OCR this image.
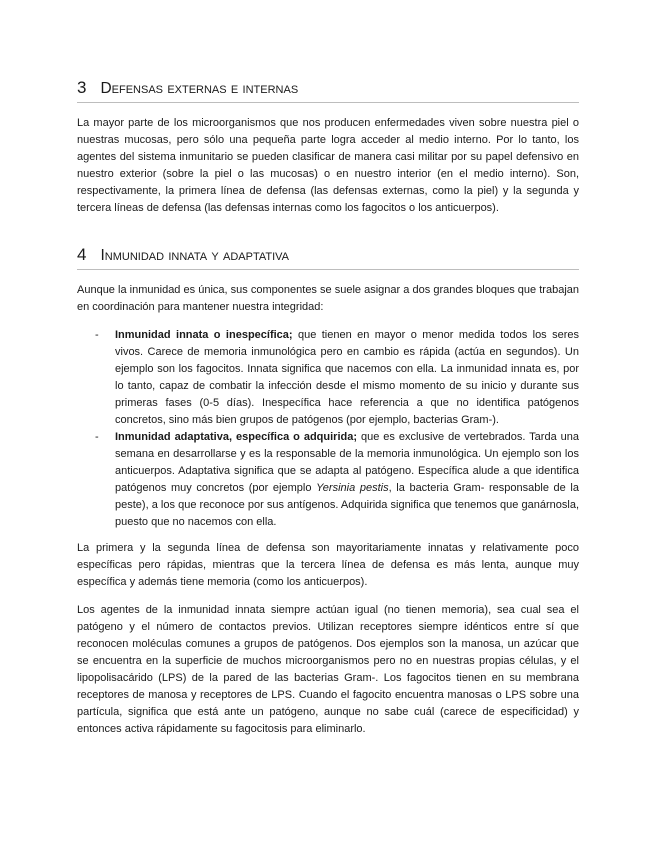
3 Defensas externas e internas

La mayor parte de los microorganismos que nos producen enfermedades viven sobre nuestra piel o nuestras mucosas, pero sólo una pequeña parte logra acceder al medio interno. Por lo tanto, los agentes del sistema inmunitario se pueden clasificar de manera casi militar por su papel defensivo en nuestro exterior (sobre la piel o las mucosas) o en nuestro interior (en el medio interno). Son, respectivamente, la primera línea de defensa (las defensas externas, como la piel) y la segunda y tercera líneas de defensa (las defensas internas como los fagocitos o los anticuerpos).

4 Inmunidad innata y adaptativa

Aunque la inmunidad es única, sus componentes se suele asignar a dos grandes bloques que trabajan en coordinación para mantener nuestra integridad:

- Inmunidad innata o inespecífica; que tienen en mayor o menor medida todos los seres vivos. Carece de memoria inmunológica pero en cambio es rápida (actúa en segundos). Un ejemplo son los fagocitos. Innata significa que nacemos con ella. La inmunidad innata es, por lo tanto, capaz de combatir la infección desde el mismo momento de su inicio y durante sus primeras fases (0-5 días). Inespecífica hace referencia a que no identifica patógenos concretos, sino más bien grupos de patógenos (por ejemplo, bacterias Gram-).
- Inmunidad adaptativa, específica o adquirida; que es exclusive de vertebrados. Tarda una semana en desarrollarse y es la responsable de la memoria inmunológica. Un ejemplo son los anticuerpos. Adaptativa significa que se adapta al patógeno. Específica alude a que identifica patógenos muy concretos (por ejemplo Yersinia pestis, la bacteria Gram- responsable de la peste), a los que reconoce por sus antígenos. Adquirida significa que tenemos que ganárnosla, puesto que no nacemos con ella.

La primera y la segunda línea de defensa son mayoritariamente innatas y relativamente poco específicas pero rápidas, mientras que la tercera línea de defensa es más lenta, aunque muy específica y además tiene memoria (como los anticuerpos).

Los agentes de la inmunidad innata siempre actúan igual (no tienen memoria), sea cual sea el patógeno y el número de contactos previos. Utilizan receptores siempre idénticos entre sí que reconocen moléculas comunes a grupos de patógenos. Dos ejemplos son la manosa, un azúcar que se encuentra en la superficie de muchos microorganismos pero no en nuestras propias células, y el lipopolisacárido (LPS) de la pared de las bacterias Gram-. Los fagocitos tienen en su membrana receptores de manosa y receptores de LPS. Cuando el fagocito encuentra manosas o LPS sobre una partícula, significa que está ante un patógeno, aunque no sabe cuál (carece de especificidad) y entonces activa rápidamente su fagocitosis para eliminarlo.
